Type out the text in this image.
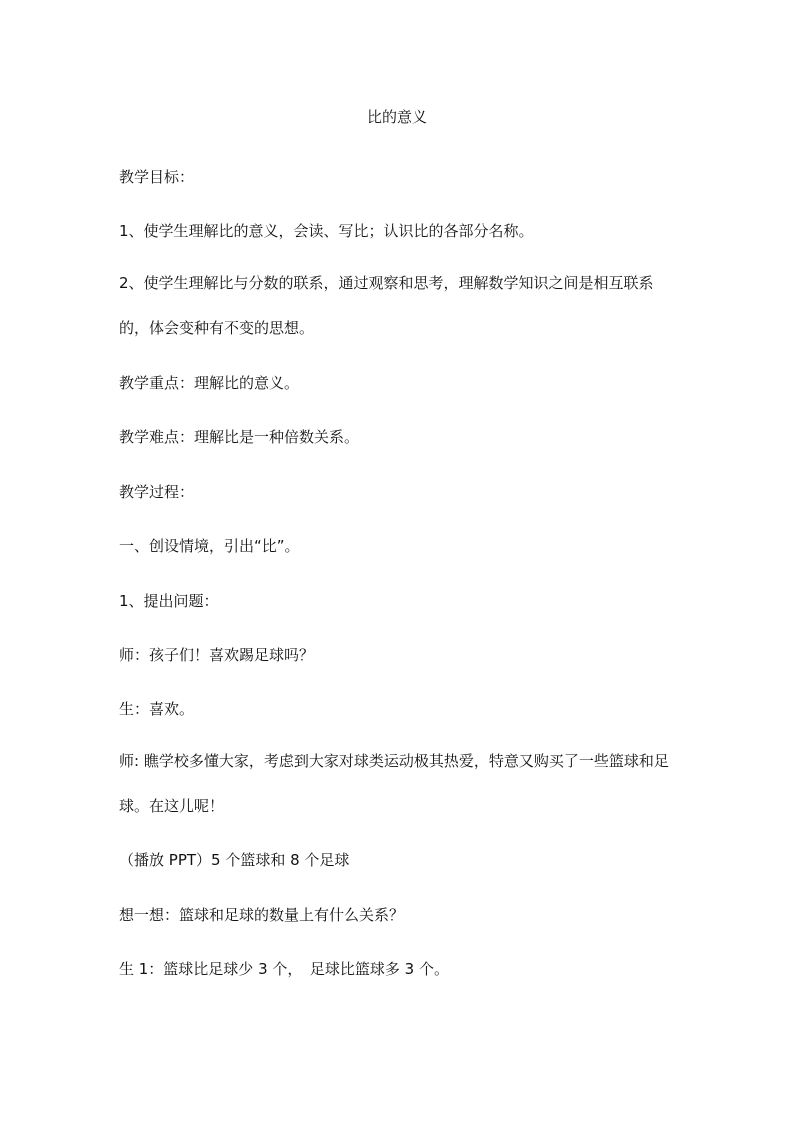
比的意义

教学目标：

1、使学生理解比的意义，会读、写比；认识比的各部分名称。

2、使学生理解比与分数的联系，通过观察和思考，理解数学知识之间是相互联系的，体会变种有不变的思想。

教学重点：理解比的意义。

教学难点：理解比是一种倍数关系。

教学过程：

一、创设情境，引出“比”。

1、提出问题：

师：孩子们！喜欢踢足球吗？

生：喜欢。

师: 瞧学校多懂大家，考虑到大家对球类运动极其热爱，特意又购买了一些篮球和足球。在这儿呢！

（播放 PPT）5 个篮球和 8 个足球

想一想：篮球和足球的数量上有什么关系？

生 1：篮球比足球少 3 个，　足球比篮球多 3 个。
